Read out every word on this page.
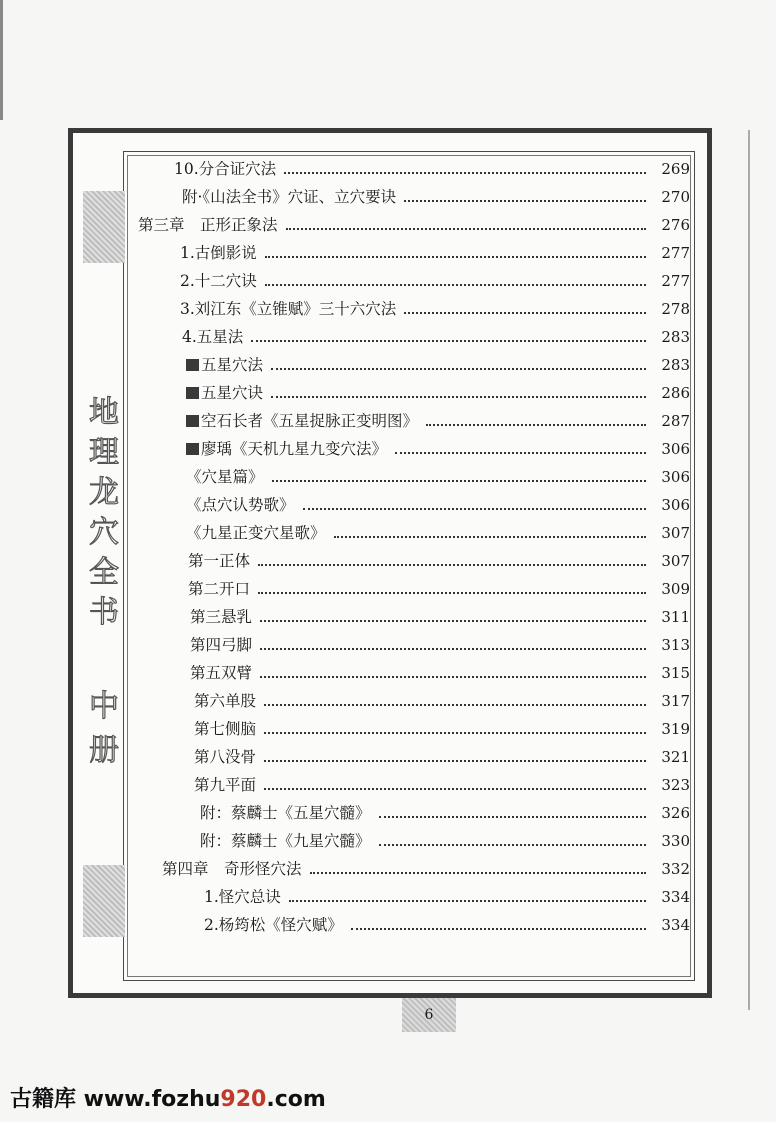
地理龙穴全书
中册
10.分合证穴法	269
附·《山法全书》穴证、立穴要诀	270
第三章　正形正象法	276
1.古倒影说	277
2.十二穴诀	277
3.刘江东《立锥赋》三十六穴法	278
4.五星法	283
五星穴法	283
五星穴诀	286
空石长者《五星捉脉正变明图》	287
廖瑀《天机九星九变穴法》	306
《穴星篇》	306
《点穴认势歌》	306
《九星正变穴星歌》	307
第一正体	307
第二开口	309
第三悬乳	311
第四弓脚	313
第五双臂	315
第六单股	317
第七侧脑	319
第八没骨	321
第九平面	323
附：蔡麟士《五星穴髓》	326
附：蔡麟士《九星穴髓》	330
第四章　奇形怪穴法	332
1.怪穴总诀	334
2.杨筠松《怪穴赋》	334
6
古籍库 www.fozhu920.com
